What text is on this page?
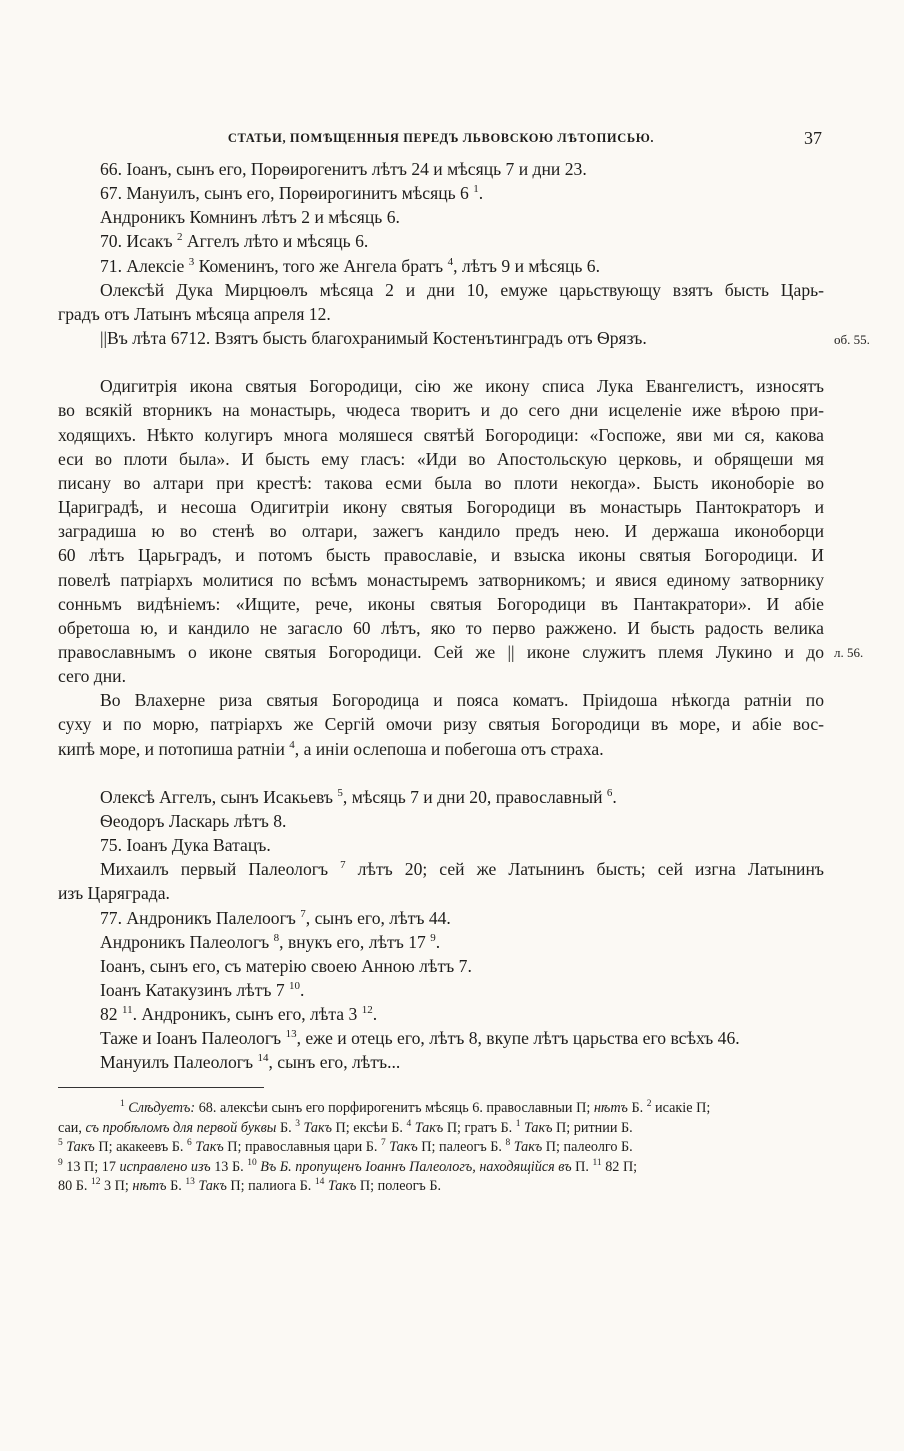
СТАТЬИ, ПОМѢЩЕННЫЯ ПЕРЕДЪ ЛЬВОВСКОЮ ЛѢТОПИСЬЮ.	37
об. 55.
л. 56.
66. Іоанъ, сынъ его, Порѳирогенитъ лѣтъ 24 и мѣсяць 7 и дни 23.
67. Мануилъ, сынъ его, Порѳирогинитъ мѣсяць 6 $^1$.
Андроникъ Комнинъ лѣтъ 2 и мѣсяць 6.
70. Исакъ $^2$ Аггелъ лѣто и мѣсяць 6.
71. Алексіе $^3$ Коменинъ, того же Ангела братъ $^4$, лѣтъ 9 и мѣсяць 6.
Олексѣй Дука Мирцюѳлъ мѣсяца 2 и дни 10, емуже царьствующу взятъ бысть Царь-
градъ отъ Латынъ мѣсяца апреля 12.
||Въ лѣта 6712. Взятъ бысть благохранимый Костенътинградъ отъ Ѳрязъ.

Одигитрія икона святыя Богородици, сію же икону списа Лука Евангелистъ, износятъ
во всякій вторникъ на монастырь, чюдеса творитъ и до сего дни исцеленіе иже вѣрою при-
ходящихъ. Нѣкто колугиръ многа моляшеся святѣй Богородици: «Госпоже, яви ми ся, какова
еси во плоти была». И бысть ему гласъ: «Иди во Апостольскую церковь, и обрящеши мя
писану во алтари при крестѣ: такова есми была во плоти некогда». Бысть иконоборіе во
Цариградѣ, и несоша Одигитріи икону святыя Богородици въ монастырь Пантократоръ и
заградиша ю во стенѣ во олтари, зажегъ кандило предъ нею. И держаша иконоборци
60 лѣтъ Царьградъ, и потомъ бысть православіе, и взыска иконы святыя Богородици. И
повелѣ патріархъ молитися по всѣмъ монастыремъ затворникомъ; и явися единому затворнику
сонньмъ видѣніемъ: «Ищите, рече, иконы святыя Богородици въ Пантакратори». И абіе
обретоша ю, и кандило не загасло 60 лѣтъ, яко то перво ражжено. И бысть радость велика
православнымъ о иконе святыя Богородици. Сей же || иконе служитъ племя Лукино и до
сего дни.

Во Влахерне риза святыя Богородица и пояса коматъ. Пріидоша нѣкогда ратніи по
суху и по морю, патріархъ же Сергій омочи ризу святыя Богородици въ море, и абіе вос-
кипѣ море, и потопиша ратніи $^4$, а иніи ослепоша и побегоша отъ страха.

Олексѣ Аггелъ, сынъ Исакьевъ $^5$, мѣсяць 7 и дни 20, православный $^6$.
Ѳеодоръ Ласкарь лѣтъ 8.
75. Іоанъ Дука Ватацъ.
Михаилъ первый Палеологъ $^7$ лѣтъ 20; сей же Латынинъ бысть; сей изгна Латынинъ
изъ Царяграда.
77. Андроникъ Палелоогъ $^7$, сынъ его, лѣтъ 44.
Андроникъ Палеологъ $^8$, внукъ его, лѣтъ 17 $^9$.
Іоанъ, сынъ его, съ матерію своею Анною лѣтъ 7.
Іоанъ Катакузинъ лѣтъ 7 $^{10}$.
82 $^{11}$. Андроникъ, сынъ его, лѣта 3 $^{12}$.
Таже и Іоанъ Палеологъ $^{13}$, еже и отець его, лѣтъ 8, вкупе лѣтъ царьства его всѣхъ 46.
Мануилъ Палеологъ $^{14}$, сынъ его, лѣтъ...
$^1$ Слѣдуетъ: 68. алексѣи сынъ его порфирогенитъ мѣсяць 6. православныи П; нѣтъ Б. $^2$ исакіе П;
саи, съ пробѣломъ для первой буквы Б. $^3$ Такъ П; ексѣи Б. $^4$ Такъ П; гратъ Б. $^1$ Такъ П; ритнии Б.
$^5$ Такъ П; акакеевъ Б. $^6$ Такъ П; православныя цари Б. $^7$ Такъ П; палеогъ Б. $^8$ Такъ П; палеолго Б.
$^9$ 13 П; 17 исправлено изъ 13 Б. $^{10}$ Въ Б. пропущенъ Іоаннъ Палеологъ, находящійся въ П. $^{11}$ 82 П;
80 Б. $^{12}$ 3 П; нѣтъ Б. $^{13}$ Такъ П; палиога Б. $^{14}$ Такъ П; полеогъ Б.
